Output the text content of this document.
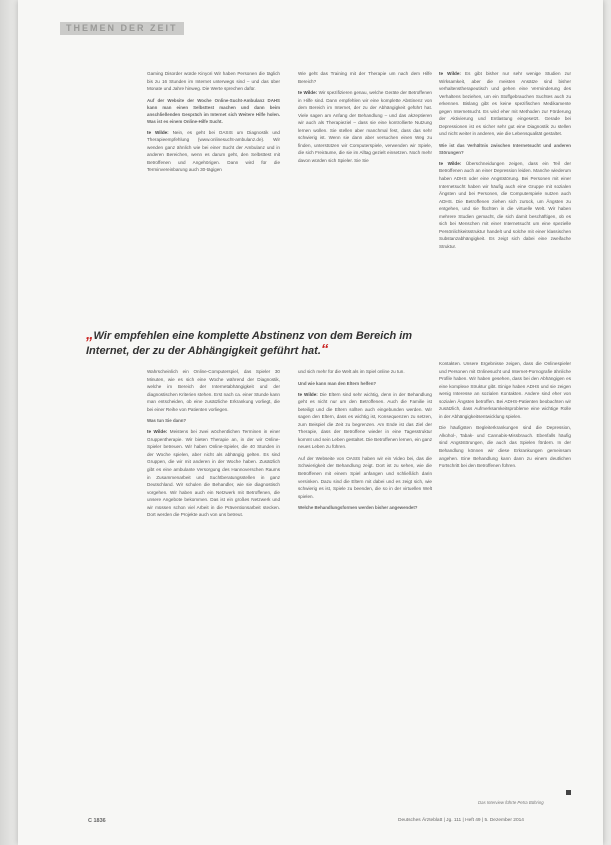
THEMEN DER ZEIT

Gaming Disorder würde Kinyori Wir haben Personen die täglich bis zu 16 Stunden im Internet unterwegs sind – und das über Monate und Jahre hinweg. Die Werte sprechen dafür.

Auf der Website der Woche Online-Sucht-Ambulanz DAHS kann man einen Selbsttest machen und dann beim anschließenden Gespräch im Internet sich Weitere Hilfe holen. Was ist es einem Online-Hilfe Sucht.

te Wilde: Nein, es geht bei OASIS um Diagnostik und Therapieempfehlung (www.onlinesucht-ambulanz.de). Wir wenden ganz ähnlich wie bei einer Sucht der Ambulanz und in anderen Bereichen, wenn es darum geht, den Selbsttest mit Betroffenen und Angehörigen. Dann wird für die Terminvereinbarung auch 30-tägigen

Wie geht das Training mit der Therapie um nach dem Hilfe Bereich?

te Wilde: Wir spezifizieren genau, welche Geräte der Betroffenen in Hilfe sind. Dann empfehlen wir eine komplette Abstinenz von dem Bereich im Internet, der zu der Abhängigkeit geführt hat. Viele sagen am Anfang der Behandlung – und das akzeptieren wir auch als Therapieziel – dass sie eine kontrollierte Nutzung lernen wollen. Sie stellen aber manchmal fest, dass das sehr schwierig ist. Wenn sie dann aber versuchen einen Weg zu finden, unterstützen wir Computerspiele, verwenden wir Spiele, die sich Freiräume, die sie im Alltag gezielt einsetzen. Noch mehr davon würden sich Spieler. Sie Sie

te Wilde: Es gibt bisher nur sehr wenige Studien zur Wirksamkeit, aber die meisten Ansätze sind bisher verhaltenstherapeutisch und gehen eine Verminderung des Verhaltens beziehen, um ein Stoffgebrauchen Suchtes auch zu erkennen. Bislang gibt es keine spezifischen Medikamente gegen Internetsucht. Es wird eher mit Methoden zur Förderung der Aktivierung und Entlastung eingesetzt. Gerade bei Depressionen ist es sicher sehr gut eine Diagnostik zu stellen und nicht weiter in anderen, wie die Lebensqualität gestaltet.

Wie ist das Verhältnis zwischen Internetsucht und anderen Störungen?

te Wilde: Überschneidungen zeigen, dass ein Teil der Betroffenen auch an einer Depression leiden. Manche wiederum haben ADHS oder eine Angststörung. Bei Personen mit einer Internetsucht haben wir häufig auch eine Gruppe mit sozialen Ängsten und bei Personen, die Computerspiele nutzen auch ADHS. Die Betroffenen ziehen sich zurück, um Ängsten zu entgehen, und sie flüchten in die virtuelle Welt. Wir haben mehrere Studien gemacht, die sich damit beschäftigen, ob es sich bei Menschen mit einer Internetsucht um eine spezielle Persönlichkeitsstruktur handelt und solche mit einer klassischen Substanzabhängigkeit. Es zeigt sich dabei eine zweifache Struktur.

„Wir empfehlen eine komplette Abstinenz von dem Bereich im Internet, der zu der Abhängigkeit geführt hat.“

Wahrscheinlich ein Online-Computerspiel, das Spieler 30 Minuten, wie es sich eine Woche während der Diagnostik, welche im Bereich der Internetabhängigkeit und der diagnostischen Kriterien stehen. Erst nach ca. einer Stunde kann man entscheiden, ob eine zusätzliche Erkrankung vorliegt, die bei einer Reihe von Patienten vorliegen.

Was tun Sie dann?

te Wilde: Meistens bei zwei wöchentlichen Terminen in einer Gruppentherapie. Wir bieten Therapie an, in der wir Online-Spieler betreuen. Wir haben Online-Spieler, die 40 Stunden in der Woche spielen, aber nicht als abhängig gelten. Es sind Gruppen, die wir mit anderen in der Woche haben. Zusätzlich gibt es eine ambulante Versorgung des Hannoverschen Raums in Zusammenarbeit und Suchtberatungsstellen in ganz Deutschland. Wir schulen die Behandler, wie sie diagnostisch vorgehen. Wir haben auch ein Netzwerk mit Betroffenen, die unsere Angebote bekommen. Das ist ein großes Netzwerk und wir müssen schon viel Arbeit in die Präventionsarbeit stecken. Dort werden die Projekte auch von uns betreut.

und sich mehr für die Welt als im Spiel online zu tun.

Und wie kann man den Eltern helfen?

te Wilde: Die Eltern sind sehr wichtig, denn in der Behandlung geht es nicht nur um den Betroffenen. Auch die Familie ist beteiligt und die Eltern sollten auch eingebunden werden. Wir sagen den Eltern, dass es wichtig ist, Konsequenzen zu setzen, zum Beispiel die Zeit zu begrenzen. Am Ende ist das Ziel der Therapie, dass der Betroffene wieder in eine Tagesstruktur kommt und sein Leben gestaltet. Die Betroffenen lernen, ein ganz neues Leben zu führen.

Auf der Webseite von OASIS haben wir ein Video bei, das die Schwierigkeit der Behandlung zeigt. Dort ist zu sehen, wie die Betroffenen mit einem Spiel anfangen und schließlich darin versinken. Dazu sind die Eltern mit dabei und es zeigt sich, wie schwierig es ist, Spiele zu beenden, die so in der virtuellen Welt spielen.

Welche Behandlungsformen werden bisher angewendet?

Kontakten. Unsere Ergebnisse zeigen, dass die Onlinespieler und Personen mit Onlinesucht und Internet-Pornografie ähnliche Profile haben. Wir haben gesehen, dass bei den Abhängigen es eine komplexe Struktur gibt. Einige haben ADHS und sie zeigen wenig Interesse an sozialen Kontakten. Andere sind eher von sozialen Ängsten betroffen. Bei ADHS-Patienten beobachten wir zusätzlich, dass Aufmerksamkeitsprobleme eine wichtige Rolle in der Abhängigkeitsentwicklung spielen.

Die häufigsten Begleiterkrankungen sind die Depression, Alkohol-, Tabak- und Cannabis-Missbrauch. Ebenfalls häufig sind Angststörungen, die auch das Spielen fördern. In der Behandlung können wir diese Erkrankungen gemeinsam angehen. Eine Behandlung kann dann zu einem deutlichen Fortschritt bei den Betroffenen führen.

Das Interview führte Petra Bühring
C 1836	Deutsches Ärzteblatt | Jg. 111 | Heft 49 | 5. Dezember 2014
